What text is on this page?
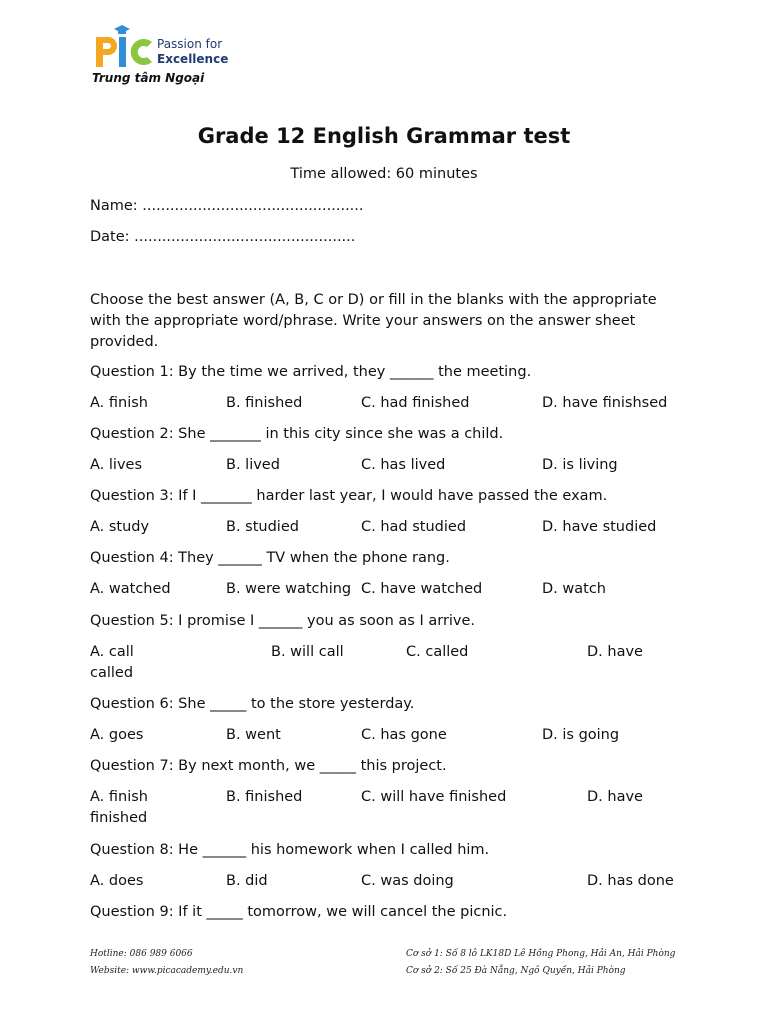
Passion for
Excellence
Trung tâm Ngoại
Grade 12 English Grammar test
Time allowed: 60 minutes
Name: ................................................
Date: ................................................
Choose the best answer (A, B, C or D) or fill in the blanks with the appropriate with the appropriate word/phrase. Write your answers on the answer sheet provided.
Question 1: By the time we arrived, they ______ the meeting.
A. finish	B. finished	C. had finished	D. have finishsed
Question 2: She _______ in this city since she was a child.
A. lives	B. lived	C. has lived	D. is living
Question 3: If I _______ harder last year, I would have passed the exam.
A. study	B. studied	C. had studied	D. have studied
Question 4: They ______ TV when the phone rang.
A. watched	B. were watching C. have watched	D. watch
Question 5: I promise I ______ you as soon as I arrive.
A. call	B. will call	C. called	D. have
called
Question 6: She _____ to the store yesterday.
A. goes	B. went	C. has gone	D. is going
Question 7: By next month, we _____ this project.
A. finish	B. finished	C. will have finished	D. have
finished
Question 8: He ______ his homework when I called him.
A. does	B. did	C. was doing	D. has done
Question 9: If it _____ tomorrow, we will cancel the picnic.
Hotline: 086 989 6066
Website: www.picacademy.edu.vn
Cơ sở 1: Số 8 lô LK18D Lê Hồng Phong, Hải An, Hải Phòng
Cơ sở 2: Số 25 Đà Nẵng, Ngô Quyền, Hải Phòng
